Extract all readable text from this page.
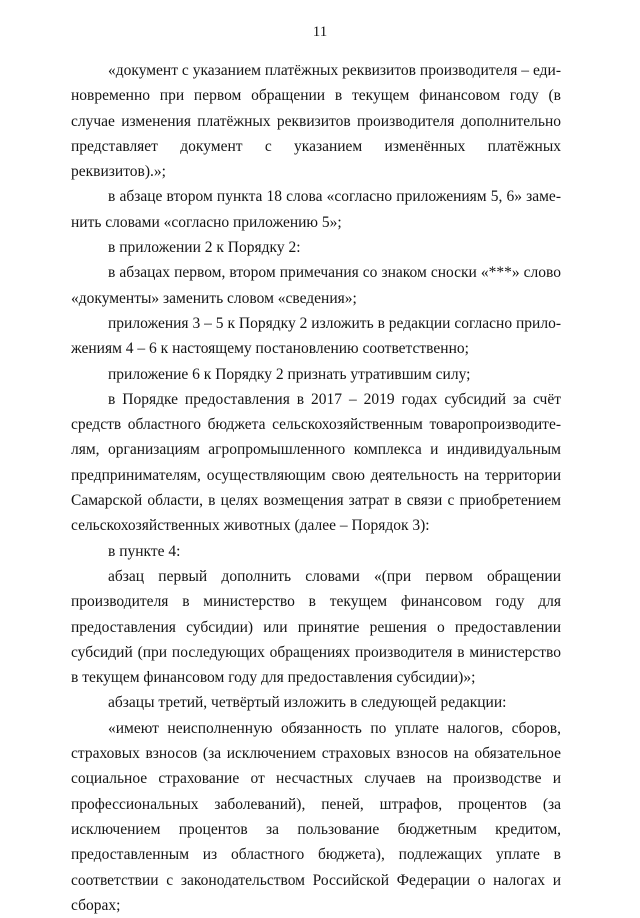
11

«документ с указанием платёжных реквизитов производителя – единовременно при первом обращении в текущем финансовом году (в случае изменения платёжных реквизитов производителя дополнительно представляет документ с указанием изменённых платёжных реквизитов).»;

в абзаце втором пункта 18 слова «согласно приложениям 5, 6» заменить словами «согласно приложению 5»;

в приложении 2 к Порядку 2:

в абзацах первом, втором примечания со знаком сноски «***» слово «документы» заменить словом «сведения»;

приложения 3 – 5 к Порядку 2 изложить в редакции согласно приложениям 4 – 6 к настоящему постановлению соответственно;

приложение 6 к Порядку 2 признать утратившим силу;

в Порядке предоставления в 2017 – 2019 годах субсидий за счёт средств областного бюджета сельскохозяйственным товаропроизводителям, организациям агропромышленного комплекса и индивидуальным предпринимателям, осуществляющим свою деятельность на территории Самарской области, в целях возмещения затрат в связи с приобретением сельскохозяйственных животных (далее – Порядок 3):

в пункте 4:

абзац первый дополнить словами «(при первом обращении производителя в министерство в текущем финансовом году для предоставления субсидии) или принятие решения о предоставлении субсидий (при последующих обращениях производителя в министерство в текущем финансовом году для предоставления субсидии)»;

абзацы третий, четвёртый изложить в следующей редакции:

«имеют неисполненную обязанность по уплате налогов, сборов, страховых взносов (за исключением страховых взносов на обязательное социальное страхование от несчастных случаев на производстве и профессиональных заболеваний), пеней, штрафов, процентов (за исключением процентов за пользование бюджетным кредитом, предоставленным из областного бюджета), подлежащих уплате в соответствии с законодательством Российской Федерации о налогах и сборах;
